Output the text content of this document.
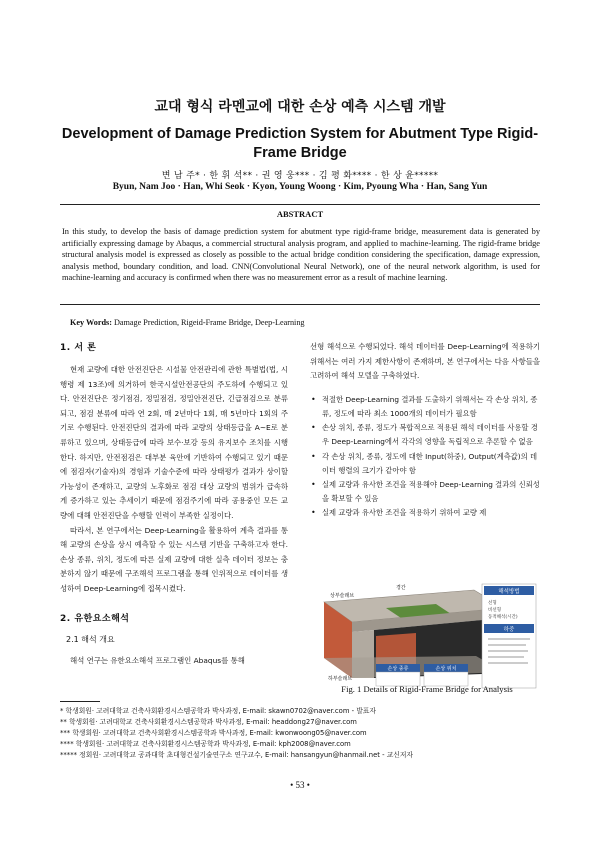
교대 형식 라멘교에 대한 손상 예측 시스템 개발
Development of Damage Prediction System for Abutment Type Rigid-Frame Bridge
변 남 주* · 한 휘 석** · 권 영 웅*** · 김 평 화**** · 한 상 윤*****
Byun, Nam Joo · Han, Whi Seok · Kyon, Young Woong · Kim, Pyoung Wha · Han, Sang Yun
ABSTRACT
In this study, to develop the basis of damage prediction system for abutment type rigid-frame bridge, measurement data is generated by artificially expressing damage by Abaqus, a commercial structural analysis program, and applied to machine-learning. The rigid-frame bridge structural analysis model is expressed as closely as possible to the actual bridge condition considering the specification, damage expression, analysis method, boundary condition, and load. CNN(Convolutional Neural Network), one of the neural network algorithm, is used for machine-learning and accuracy is confirmed when there was no measurement error as a result of machine learning.
Key Words: Damage Prediction, Rigeid-Frame Bridge, Deep-Learning
1. 서 론

현재 교량에 대한 안전진단은 시설물 안전관리에 관한 특별법(법, 시행령 제 13조)에 의거하여 한국시설안전공단의 주도하에 수행되고 있다. 안전진단은 정기점검, 정밀점검, 정밀안전진단, 긴급점검으로 분류되고, 점검 분류에 따라 연 2회, 매 2년마다 1회, 매 5년마다 1회의 주기로 수행된다. 안전진단의 결과에 따라 교량의 상태등급을 A~E로 분류하고 있으며, 상태등급에 따라 보수·보강 등의 유지보수 조치를 시행한다. 하지만, 안전점검은 대부분 육안에 기반하여 수행되고 있기 때문에 점검자(기술자)의 경험과 기술수준에 따라 상태평가 결과가 상이할 가능성이 존재하고, 교량의 노후화로 점검 대상 교량의 범위가 급속하게 증가하고 있는 추세이기 때문에 점검주기에 따라 공용중인 모든 교량에 대해 안전진단을 수행할 인력이 부족한 실정이다.

따라서, 본 연구에서는 Deep-Learning을 활용하여 계측 결과를 통해 교량의 손상을 상시 예측할 수 있는 시스템 기반을 구축하고자 한다. 손상 종류, 위치, 정도에 따른 실제 교량에 대한 실측 데이터 정보는 충분하지 않기 때문에 구조해석 프로그램을 통해 인위적으로 데이터를 생성하여 Deep-Learning에 접목시켰다.

2. 유한요소해석
2.1 해석 개요

해석 연구는 유한요소해석 프로그램인 Abaqus를 통해

선형 해석으로 수행되었다. 해석 데이터를 Deep-Learning에 적용하기 위해서는 여러 가지 제한사항이 존재하며, 본 연구에서는 다음 사항들을 고려하여 해석 모델을 구축하였다.

• 적절한 Deep-Learning 결과를 도출하기 위해서는 각 손상 위치, 종류, 정도에 따라 최소 1000개의 데이터가 필요함
• 손상 위치, 종류, 정도가 복합적으로 적용된 해석 데이터를 사용할 경우 Deep-Learning에서 각각의 영향을 독립적으로 추론할 수 없음
• 각 손상 위치, 종류, 정도에 대한 Input(하중), Output(계측값)의 데이터 행렬의 크기가 같아야 함
• 실제 교량과 유사한 조건을 적용해야 Deep-Learning 결과의 신뢰성을 확보할 수 있음
• 실제 교량과 유사한 조건을 적용하기 위하여 교량 제
해석방법
선형
비선형
동적해석(시간)
하중
손상 종류	손상 위치
상부슬래브
경간
하부슬래브
Fig. 1 Details of Rigid-Frame Bridge for Analysis
* 학생회원· 고려대학교 건축사회환경시스템공학과 박사과정, E-mail: skawn0702@naver.com - 발표자
** 학생회원· 고려대학교 건축사회환경시스템공학과 박사과정, E-mail: headdong27@naver.com
*** 학생회원· 고려대학교 건축사회환경시스템공학과 박사과정, E-mail: kwonwoong05@naver.com
**** 학생회원· 고려대학교 건축사회환경시스템공학과 박사과정, E-mail: kph2008@naver.com
***** 정회원· 고려대학교 공과대학 초대형건설기술연구소 연구교수, E-mail: hansangyun@hanmail.net - 교신저자
• 53 •
